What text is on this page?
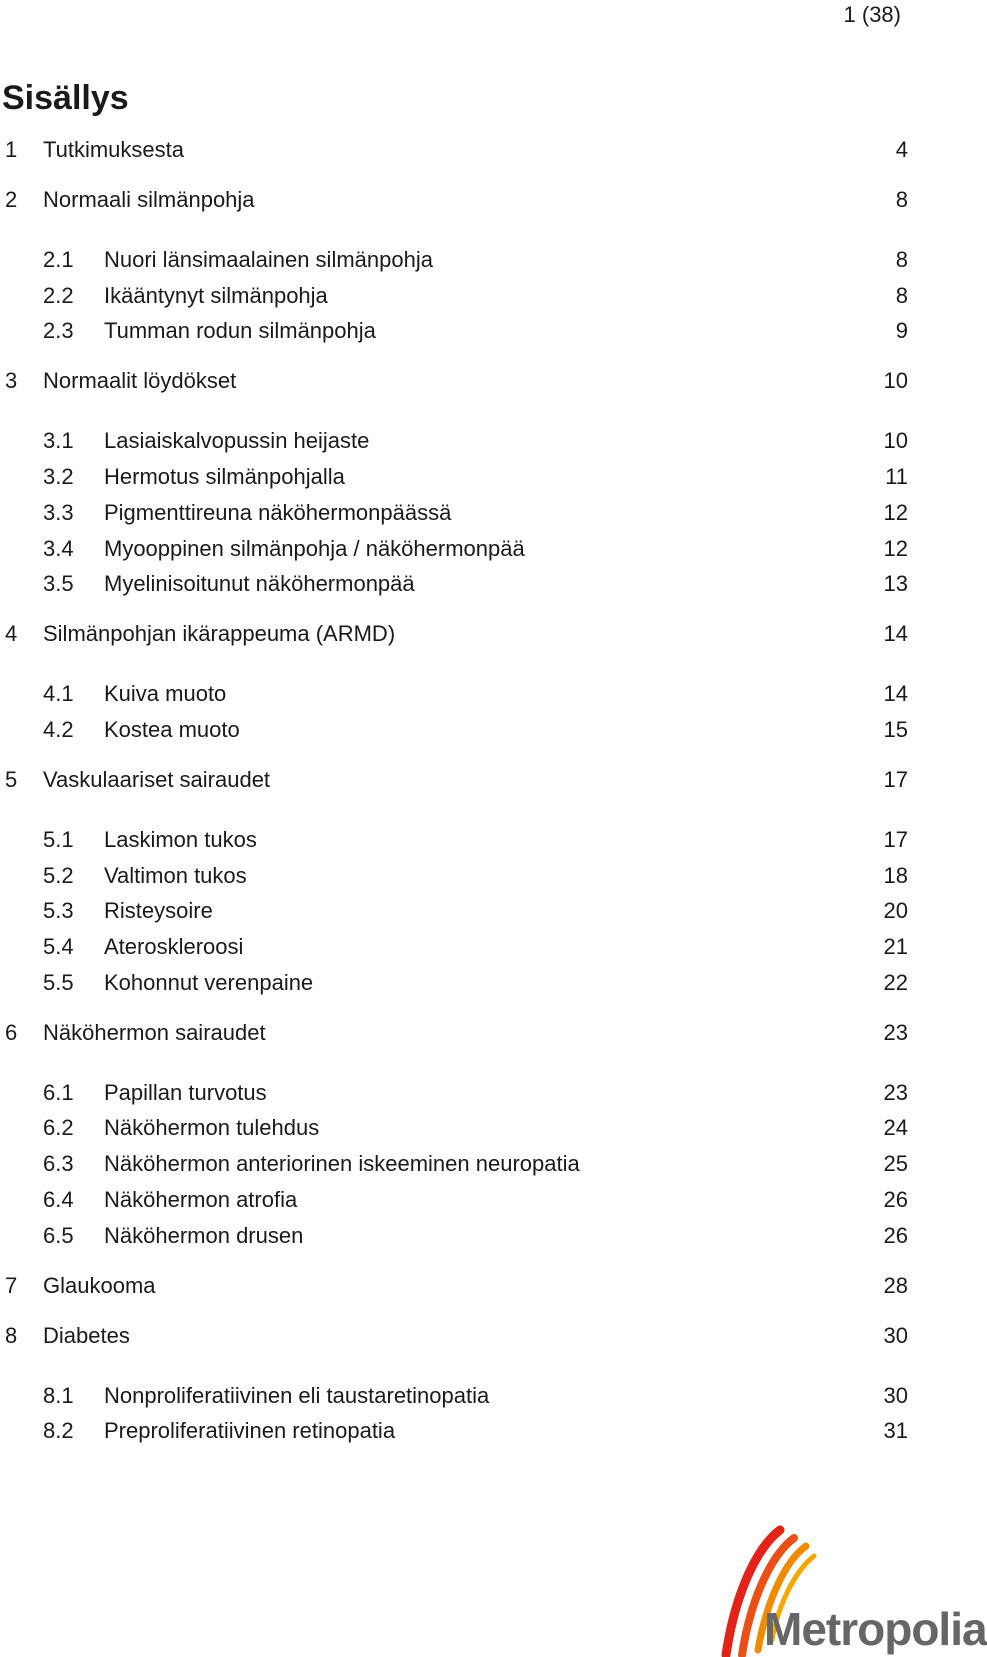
1 (38)
Sisällys
1 Tutkimuksesta	4
2 Normaali silmänpohja	8
2.1 Nuori länsimaalainen silmänpohja	8
2.2 Ikääntynyt silmänpohja	8
2.3 Tumman rodun silmänpohja	9
3 Normaalit löydökset	10
3.1 Lasiaiskalvopussin heijaste	10
3.2 Hermotus silmänpohjalla	11
3.3 Pigmenttireuna näköhermonpäässä	12
3.4 Myooppinen silmänpohja / näköhermonpää	12
3.5 Myelinisoitunut näköhermonpää	13
4 Silmänpohjan ikärappeuma (ARMD)	14
4.1 Kuiva muoto	14
4.2 Kostea muoto	15
5 Vaskulaariset sairaudet	17
5.1 Laskimon tukos	17
5.2 Valtimon tukos	18
5.3 Risteysoire	20
5.4 Ateroskleroosi	21
5.5 Kohonnut verenpaine	22
6 Näköhermon sairaudet	23
6.1 Papillan turvotus	23
6.2 Näköhermon tulehdus	24
6.3 Näköhermon anteriorinen iskeeminen neuropatia	25
6.4 Näköhermon atrofia	26
6.5 Näköhermon drusen	26
7 Glaukooma	28
8 Diabetes	30
8.1 Nonproliferatiivinen eli taustaretinopatia	30
8.2 Preproliferatiivinen retinopatia	31
Metropolia
